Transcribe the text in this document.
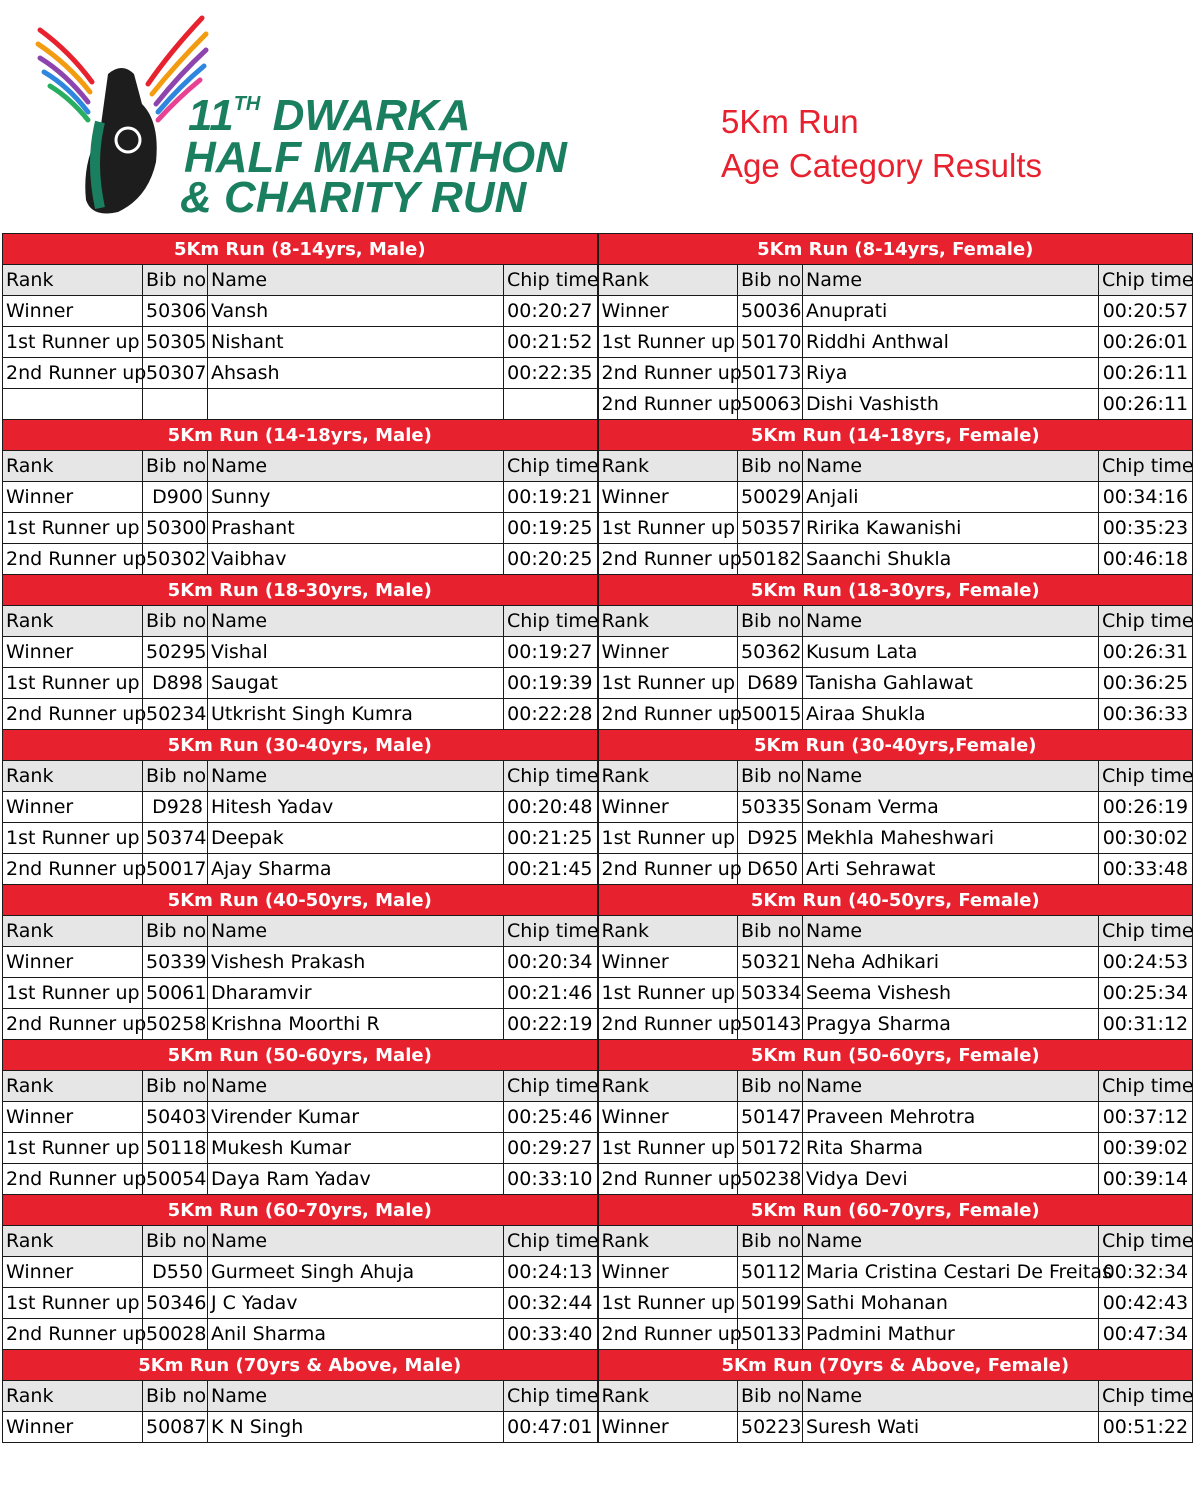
11TH DWARKA
HALF MARATHON
& CHARITY RUN
5Km Run
Age Category Results
5Km Run (8-14yrs, Male)				5Km Run (8-14yrs, Female)			
Rank	Bib no	Name	Chip time	Rank	Bib no	Name	Chip time
Winner	50306	Vansh	00:20:27	Winner	50036	Anuprati	00:20:57
1st Runner up	50305	Nishant	00:21:52	1st Runner up	50170	Riddhi Anthwal	00:26:01
2nd Runner up	50307	Ahsash	00:22:35	2nd Runner up	50173	Riya	00:26:11
				2nd Runner up	50063	Dishi Vashisth	00:26:11
5Km Run (14-18yrs, Male)				5Km Run (14-18yrs, Female)			
Rank	Bib no	Name	Chip time	Rank	Bib no	Name	Chip time
Winner	D900	Sunny	00:19:21	Winner	50029	Anjali	00:34:16
1st Runner up	50300	Prashant	00:19:25	1st Runner up	50357	Ririka Kawanishi	00:35:23
2nd Runner up	50302	Vaibhav	00:20:25	2nd Runner up	50182	Saanchi Shukla	00:46:18
5Km Run (18-30yrs, Male)				5Km Run (18-30yrs, Female)			
Rank	Bib no	Name	Chip time	Rank	Bib no	Name	Chip time
Winner	50295	Vishal	00:19:27	Winner	50362	Kusum Lata	00:26:31
1st Runner up	D898	Saugat	00:19:39	1st Runner up	D689	Tanisha Gahlawat	00:36:25
2nd Runner up	50234	Utkrisht Singh Kumra	00:22:28	2nd Runner up	50015	Airaa Shukla	00:36:33
5Km Run (30-40yrs, Male)				5Km Run (30-40yrs,Female)			
Rank	Bib no	Name	Chip time	Rank	Bib no	Name	Chip time
Winner	D928	Hitesh Yadav	00:20:48	Winner	50335	Sonam Verma	00:26:19
1st Runner up	50374	Deepak	00:21:25	1st Runner up	D925	Mekhla Maheshwari	00:30:02
2nd Runner up	50017	Ajay Sharma	00:21:45	2nd Runner up	D650	Arti Sehrawat	00:33:48
5Km Run (40-50yrs, Male)				5Km Run (40-50yrs, Female)			
Rank	Bib no	Name	Chip time	Rank	Bib no	Name	Chip time
Winner	50339	Vishesh Prakash	00:20:34	Winner	50321	Neha Adhikari	00:24:53
1st Runner up	50061	Dharamvir	00:21:46	1st Runner up	50334	Seema Vishesh	00:25:34
2nd Runner up	50258	Krishna Moorthi R	00:22:19	2nd Runner up	50143	Pragya Sharma	00:31:12
5Km Run (50-60yrs, Male)				5Km Run (50-60yrs, Female)			
Rank	Bib no	Name	Chip time	Rank	Bib no	Name	Chip time
Winner	50403	Virender Kumar	00:25:46	Winner	50147	Praveen Mehrotra	00:37:12
1st Runner up	50118	Mukesh Kumar	00:29:27	1st Runner up	50172	Rita Sharma	00:39:02
2nd Runner up	50054	Daya Ram Yadav	00:33:10	2nd Runner up	50238	Vidya Devi	00:39:14
5Km Run (60-70yrs, Male)				5Km Run (60-70yrs, Female)			
Rank	Bib no	Name	Chip time	Rank	Bib no	Name	Chip time
Winner	D550	Gurmeet Singh Ahuja	00:24:13	Winner	50112	Maria Cristina Cestari De Freitas	00:32:34
1st Runner up	50346	J C Yadav	00:32:44	1st Runner up	50199	Sathi Mohanan	00:42:43
2nd Runner up	50028	Anil Sharma	00:33:40	2nd Runner up	50133	Padmini Mathur	00:47:34
5Km Run (70yrs & Above, Male)				5Km Run (70yrs & Above, Female)			
Rank	Bib no	Name	Chip time	Rank	Bib no	Name	Chip time
Winner	50087	K N Singh	00:47:01	Winner	50223	Suresh Wati	00:51:22
